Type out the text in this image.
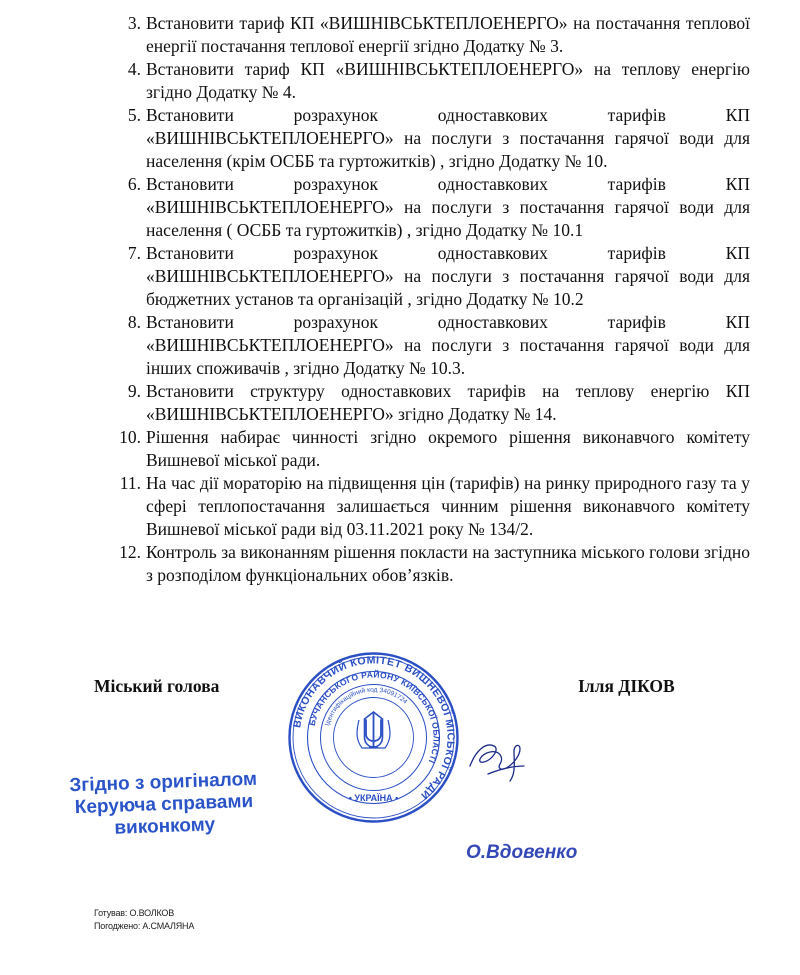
3. Встановити тариф КП «ВИШНІВСЬКТЕПЛОЕНЕРГО» на постачання теплової енергії постачання теплової енергії згідно Додатку № 3.
4. Встановити тариф КП «ВИШНІВСЬКТЕПЛОЕНЕРГО» на теплову енергію згідно Додатку № 4.
5. Встановити розрахунок одноставкових тарифів КП «ВИШНІВСЬКТЕПЛОЕНЕРГО» на послуги з постачання гарячої води для населення (крім ОСББ та гуртожитків) , згідно Додатку № 10.
6. Встановити розрахунок одноставкових тарифів КП «ВИШНІВСЬКТЕПЛОЕНЕРГО» на послуги з постачання гарячої води для населення ( ОСББ та гуртожитків) , згідно Додатку № 10.1
7. Встановити розрахунок одноставкових тарифів КП «ВИШНІВСЬКТЕПЛОЕНЕРГО» на послуги з постачання гарячої води для бюджетних установ та організацій , згідно Додатку № 10.2
8. Встановити розрахунок одноставкових тарифів КП «ВИШНІВСЬКТЕПЛОЕНЕРГО» на послуги з постачання гарячої води для інших споживачів , згідно Додатку № 10.3.
9. Встановити структуру одноставкових тарифів на теплову енергію КП «ВИШНІВСЬКТЕПЛОЕНЕРГО» згідно Додатку № 14.
10. Рішення набирає чинності згідно окремого рішення виконавчого комітету Вишневої міської ради.
11. На час дії мораторію на підвищення цін (тарифів) на ринку природного газу та у сфері теплопостачання залишається чинним рішення виконавчого комітету Вишневої міської ради від 03.11.2021 року № 134/2.
12. Контроль за виконанням рішення покласти на заступника міського голови згідно з розподілом функціональних обов’язків.
Міський голова	Ілля ДІКОВ
ВИКОНАВЧИЙ КОМІТЕТ ВИШНЕВОЇ МІСЬКОЇ РАДИ
БУЧАНСЬКОГО РАЙОНУ КИЇВСЬКОЇ ОБЛАСТІ
Ідентифікаційний код 34091724
• УКРАЇНА •
Згідно з оригіналом
Керуюча справами
виконкому
О.Вдовенко
Готував: О.ВОЛКОВ
Погоджено: А.СМАЛЯНА
